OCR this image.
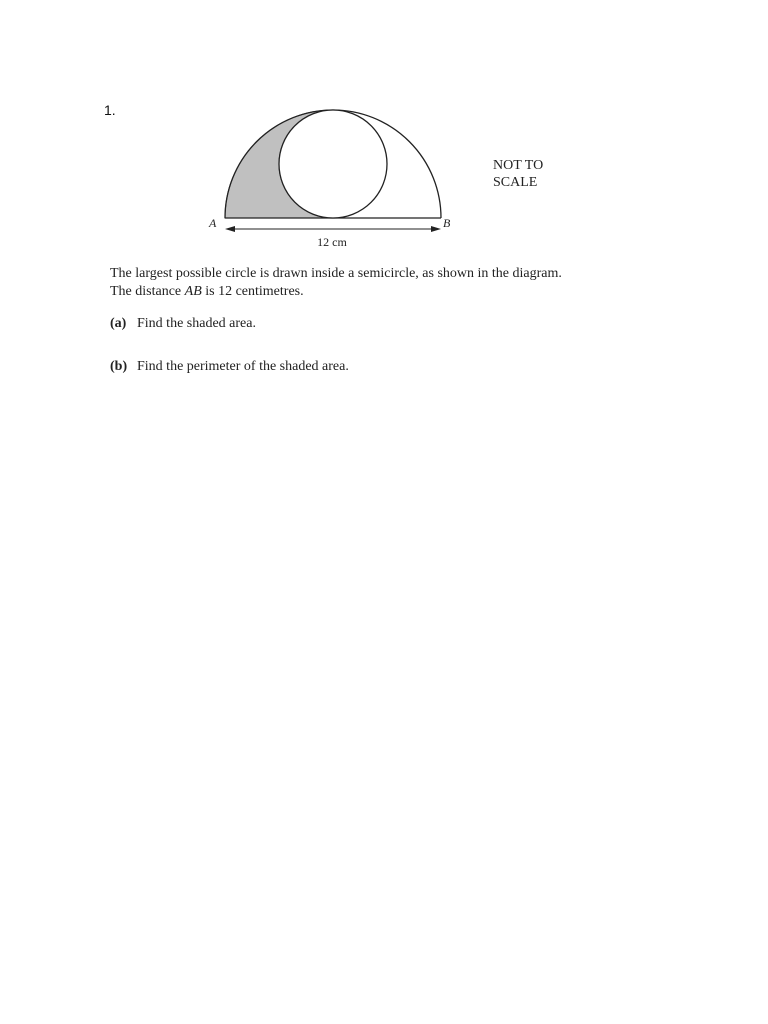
1.
A	B
12 cm
NOT TO
SCALE
The largest possible circle is drawn inside a semicircle, as shown in the diagram.
The distance AB is 12 centimetres.
(a) Find the shaded area.
(b) Find the perimeter of the shaded area.
